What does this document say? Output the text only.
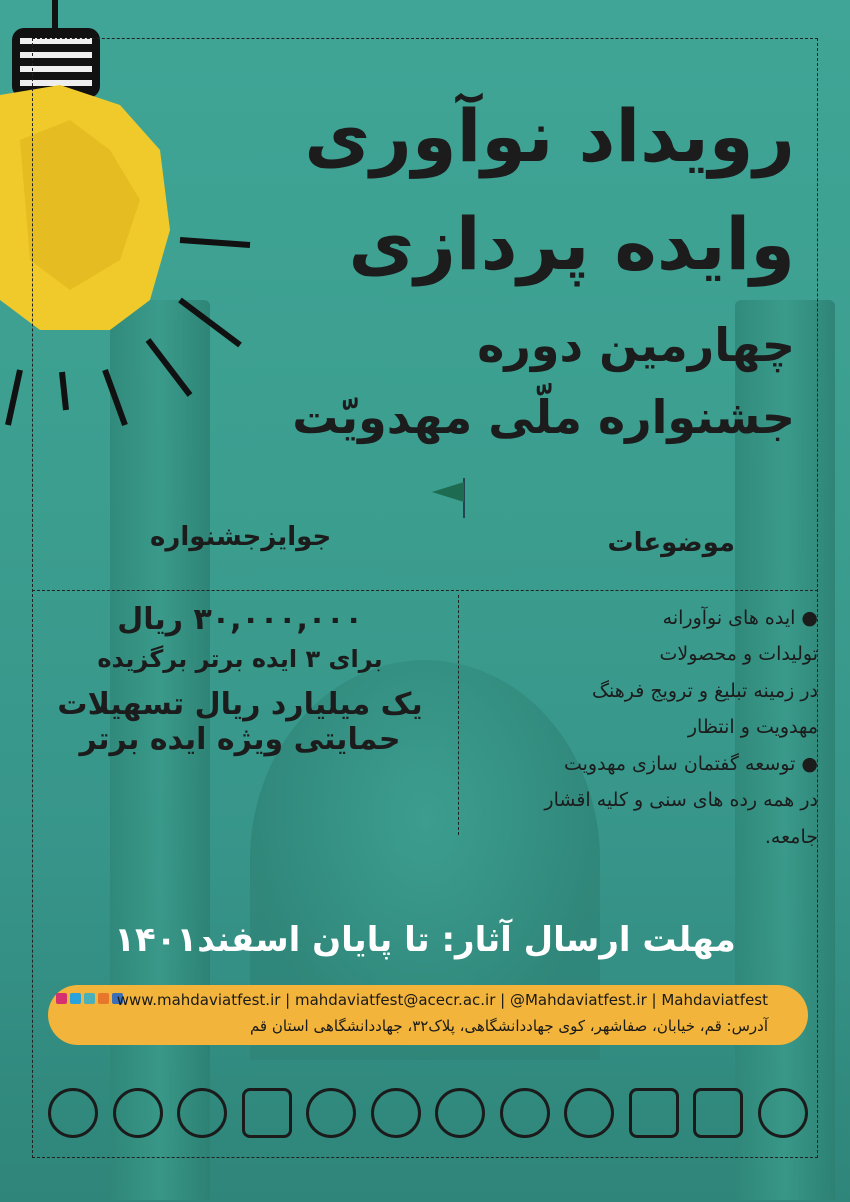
رویداد نوآوری
وایده پردازی
چهارمین دوره
جشنواره ملّی مهدویّت
موضوعات
جوایزجشنواره

● ایده های نوآورانه

تولیدات و محصولات

در زمینه تبلیغ و ترویج فرهنگ

مهدویت و انتظار

● توسعه گفتمان سازی مهدویت

در همه رده های سنی و کلیه اقشار

جامعه.

۳۰,۰۰۰,۰۰۰ ریال
برای ۳ ایده برتر برگزیده
یک میلیارد ریال تسهیلات
حمایتی ویژه ایده برتر
مهلت ارسال آثار: تا پایان اسفند۱۴۰۱
www.mahdaviatfest.ir | mahdaviatfest@acecr.ac.ir | @Mahdaviatfest.ir | Mahdaviatfest
آدرس: قم، خیابان، صفاشهر، کوی جهاددانشگاهی، پلاک۳۲، جهاددانشگاهی استان قم
